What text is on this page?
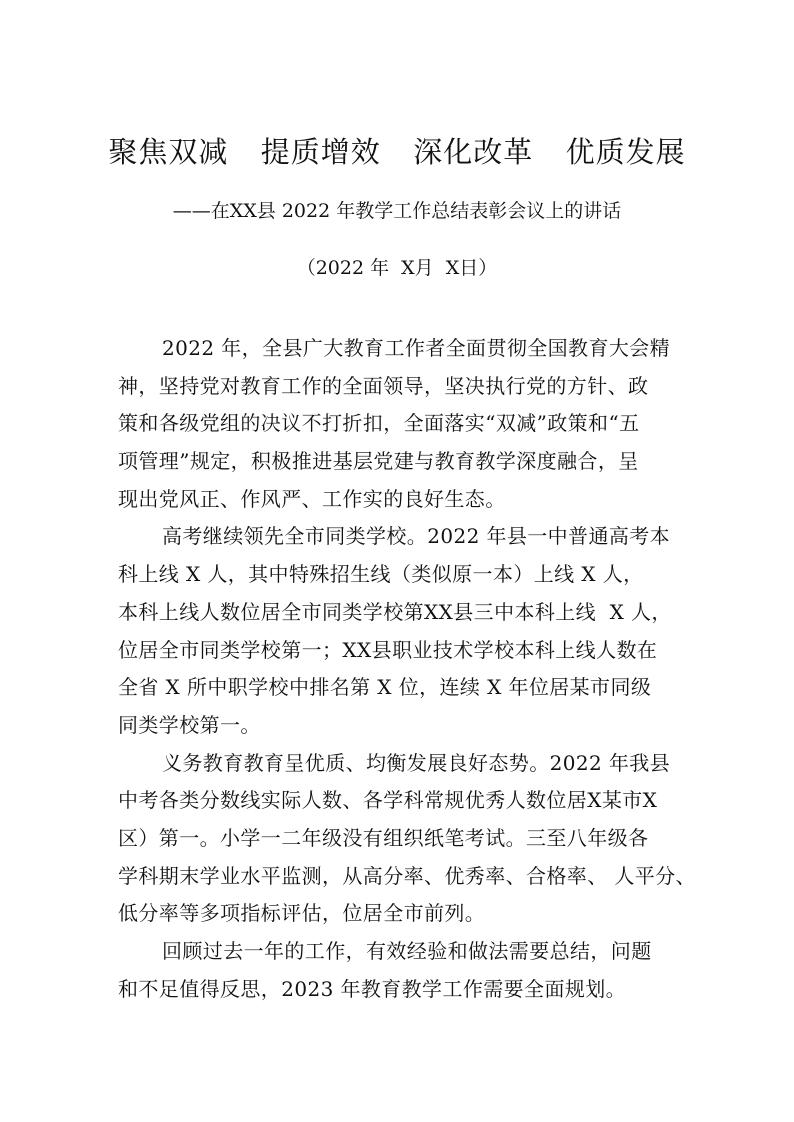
聚焦双减  提质增效  深化改革  优质发展
——在XX县 2022 年教学工作总结表彰会议上的讲话
（2022 年  X月  X日）
2022 年，全县广大教育工作者全面贯彻全国教育大会精
神，坚持党对教育工作的全面领导，坚决执行党的方针、政
策和各级党组的决议不打折扣，全面落实“双减”政策和“五
项管理”规定，积极推进基层党建与教育教学深度融合，呈
现出党风正、作风严、工作实的良好生态。
高考继续领先全市同类学校。2022 年县一中普通高考本
科上线 X 人，其中特殊招生线（类似原一本）上线 X 人，
本科上线人数位居全市同类学校第XX县三中本科上线  X 人，
位居全市同类学校第一；XX县职业技术学校本科上线人数在
全省 X 所中职学校中排名第 X 位，连续 X 年位居某市同级
同类学校第一。
义务教育教育呈优质、均衡发展良好态势。2022 年我县
中考各类分数线实际人数、各学科常规优秀人数位居X某市X
区）第一。小学一二年级没有组织纸笔考试。三至八年级各
学科期末学业水平监测，从高分率、优秀率、合格率、 人平分、
低分率等多项指标评估，位居全市前列。
回顾过去一年的工作，有效经验和做法需要总结，问题
和不足值得反思，2023 年教育教学工作需要全面规划。
